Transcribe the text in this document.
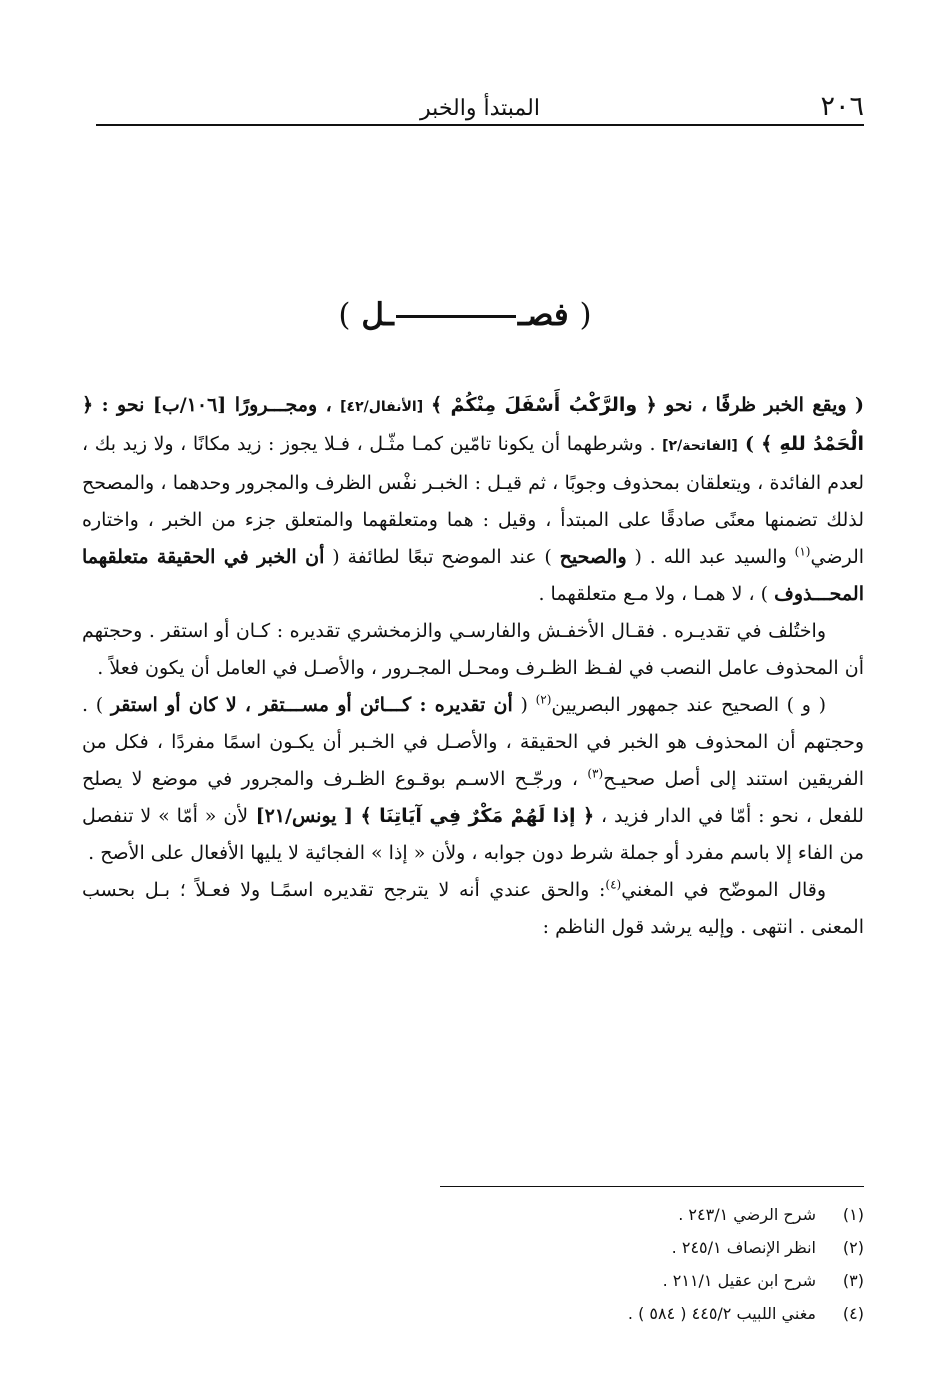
٢٠٦
المبتدأ والخبر
( فصــل )

( ويقع الخبر ظرفًا ، نحو ﴿ والرَّكْبُ أَسْفَلَ مِنْكُمْ ﴾ [الأنفال/٤٢] ، ومجـــرورًا [١٠٦/ب] نحو : ﴿ الْحَمْدُ للهِ ﴾ ) [الفاتحة/٢] . وشرطهما أن يكونا تامّين كمـا مثّـل ، فـلا يجوز : زيد مكانًا ، ولا زيد بك ، لعدم الفائدة ، ويتعلقان بمحذوف وجوبًا ، ثم قيـل : الخبـر نفْس الظرف والمجرور وحدهما ، والمصحح لذلك تضمنها معنًى صادقًا على المبتدأ ، وقيل : هما ومتعلقهما والمتعلق جزء من الخبر ، واختاره الرضي$^{(١)}$ والسيد عبد الله . ( والصحيح ) عند الموضح تبعًا لطائفة ( أن الخبر في الحقيقة متعلقهما المحـــذوف ) ، لا همـا ، ولا مـع متعلقهما .

واختُلف في تقديـره . فقـال الأخفـش والفارسـي والزمخشري تقديره : كـان أو استقر . وحجتهم أن المحذوف عامل النصب في لفـظ الظـرف ومحـل المجـرور ، والأصـل في العامل أن يكون فعلاً .

( و ) الصحيح عند جمهور البصريين$^{(٢)}$ ( أن تقديره : كـــائن أو مســـتقر ، لا كان أو استقر ) . وحجتهم أن المحذوف هو الخبر في الحقيقة ، والأصـل في الخـبر أن يكـون اسمًا مفردًا ، فكل من الفريقين استند إلى أصل صحيـح$^{(٣)}$ ، ورجّـح الاسـم بوقـوع الظـرف والمجرور في موضع لا يصلح للفعل ، نحو : أمّا في الدار فزيد ، ﴿ إذا لَهُمْ مَكْرٌ فِي آيَاتِنَا ﴾ [ يونس/٢١] لأن « أمّا » لا تنفصل من الفاء إلا باسم مفرد أو جملة شرط دون جوابه ، ولأن « إذا » الفجائية لا يليها الأفعال على الأصح .

وقال الموضّح في المغني$^{(٤)}$: والحق عندي أنه لا يترجح تقديره اسمًـا ولا فعـلاً ؛ بـل بحسب المعنى . انتهى . وإليه يرشد قول الناظم :

(١)شرح الرضي ٢٤٣/١ .
(٢)انظر الإنصاف ٢٤٥/١ .
(٣)شرح ابن عقيل ٢١١/١ .
(٤)مغني اللبيب ٤٤٥/٢ ( ٥٨٤ ) .
